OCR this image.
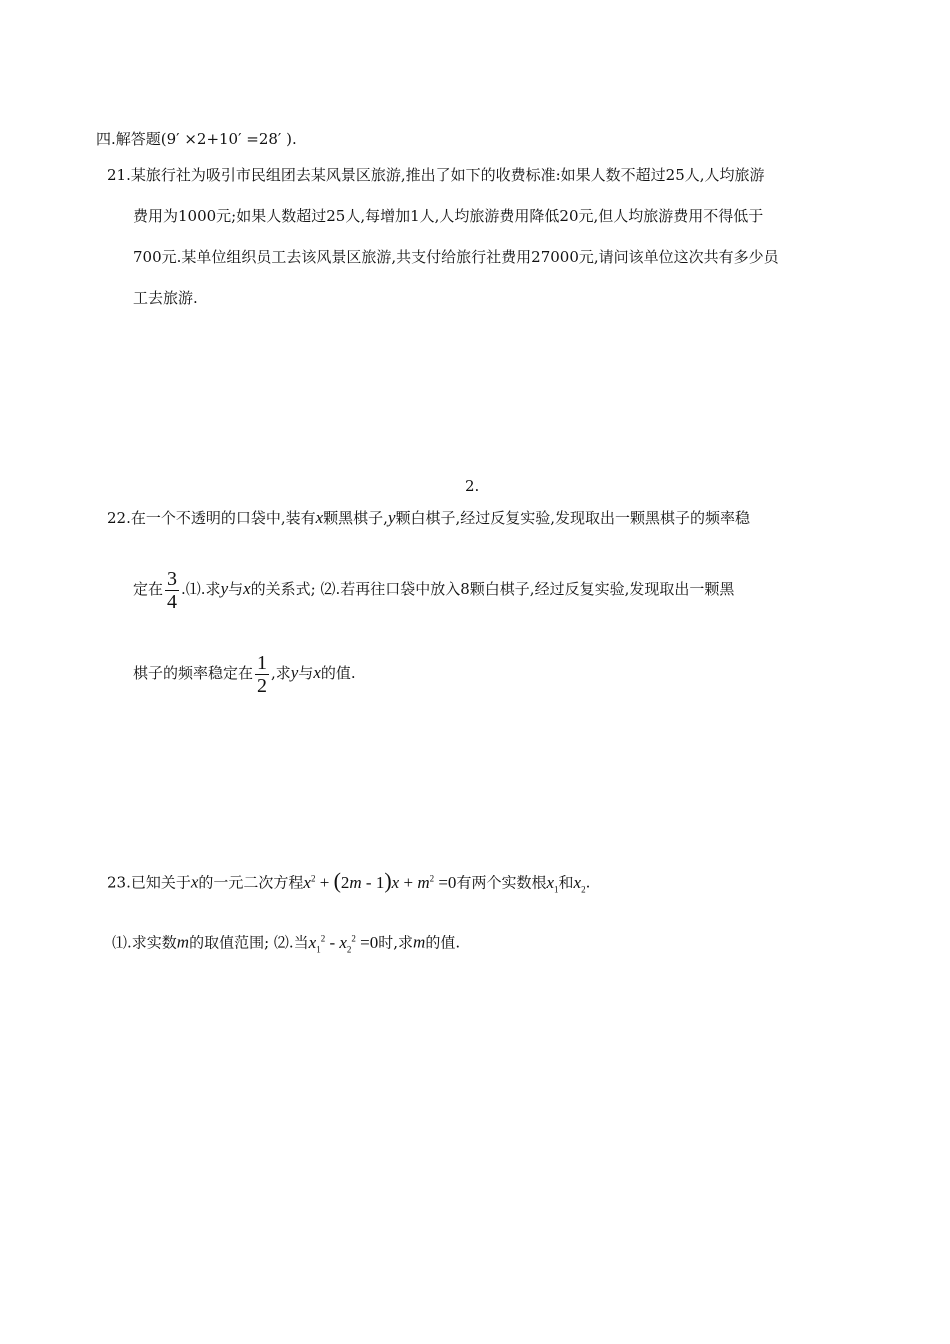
四.解答题(9′ ×2+10′ =28′ ).
21.某旅行社为吸引市民组团去某风景区旅游,推出了如下的收费标准:如果人数不超过25人,人均旅游
费用为1000元;如果人数超过25人,每增加1人,人均旅游费用降低20元,但人均旅游费用不得低于
700元.某单位组织员工去该风景区旅游,共支付给旅行社费用27000元,请问该单位这次共有多少员
工去旅游.
2.
22.在一个不透明的口袋中,装有x颗黑棋子,y颗白棋子,经过反复实验,发现取出一颗黑棋子的频率稳
定在 $\frac{3}{4}$ .⑴.求y与x的关系式; ⑵.若再往口袋中放入8颗白棋子,经过反复实验,发现取出一颗黑
棋子的频率稳定在 $\frac{1}{2}$ ,求y与x的值.
23.已知关于x的一元二次方程$x^2 + (2m - 1)x + m^2 =0$有两个实数根$x_1$和$x_2$.
⑴.求实数m的取值范围; ⑵.当$x_1^2 - x_2^2 =0$时,求m的值.
